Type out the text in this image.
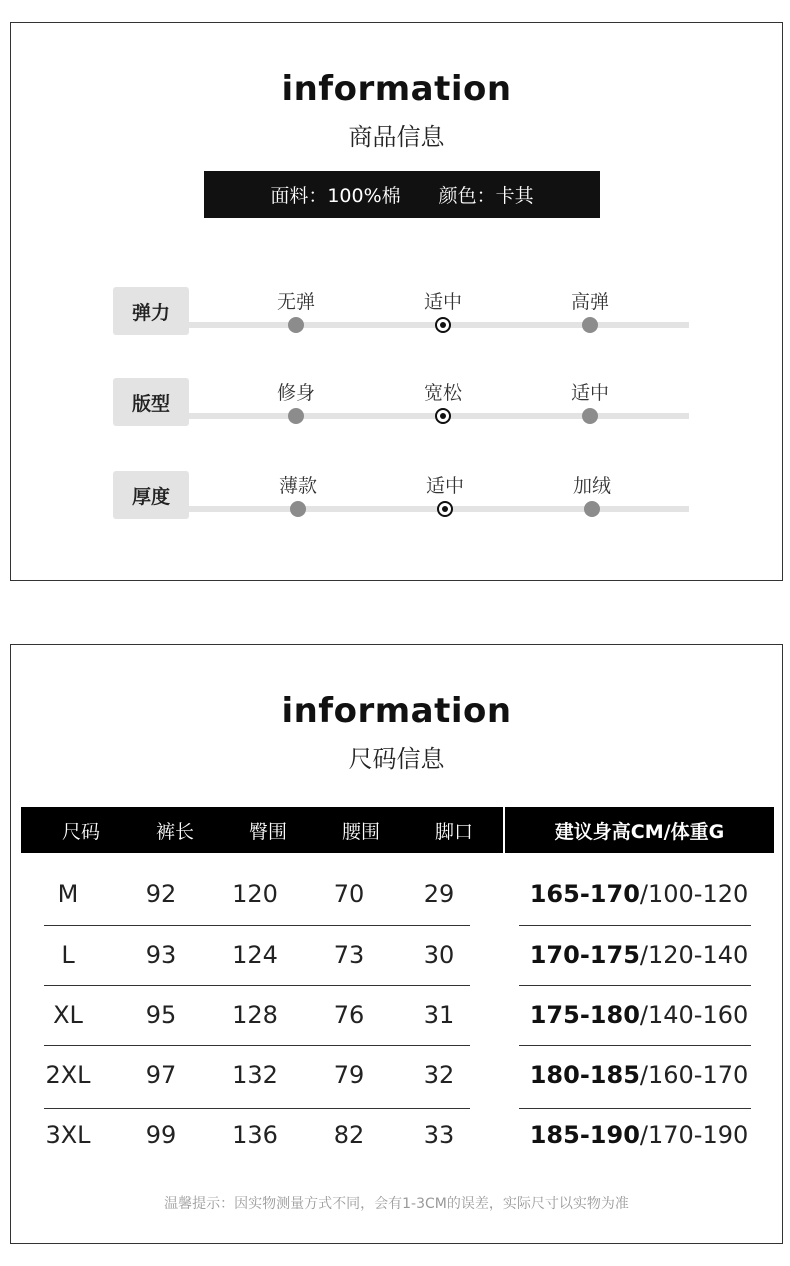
information
商品信息
面料：100%棉 颜色：卡其
弹力	无弹	适中	高弹
版型	修身	宽松	适中
厚度	薄款	适中	加绒
information
尺码信息
尺码	裤长	臀围	腰围	脚口	建议身高CM/体重G
M	92	120	70	29	165-170 /100-120
L	93	124	73	30	170-175 /120-140
XL	95	128	76	31	175-180 /140-160
2XL	97	132	79	32	180-185 /160-170
3XL	99	136	82	33	185-190 /170-190
温馨提示：因实物测量方式不同，会有1-3CM的误差，实际尺寸以实物为准
